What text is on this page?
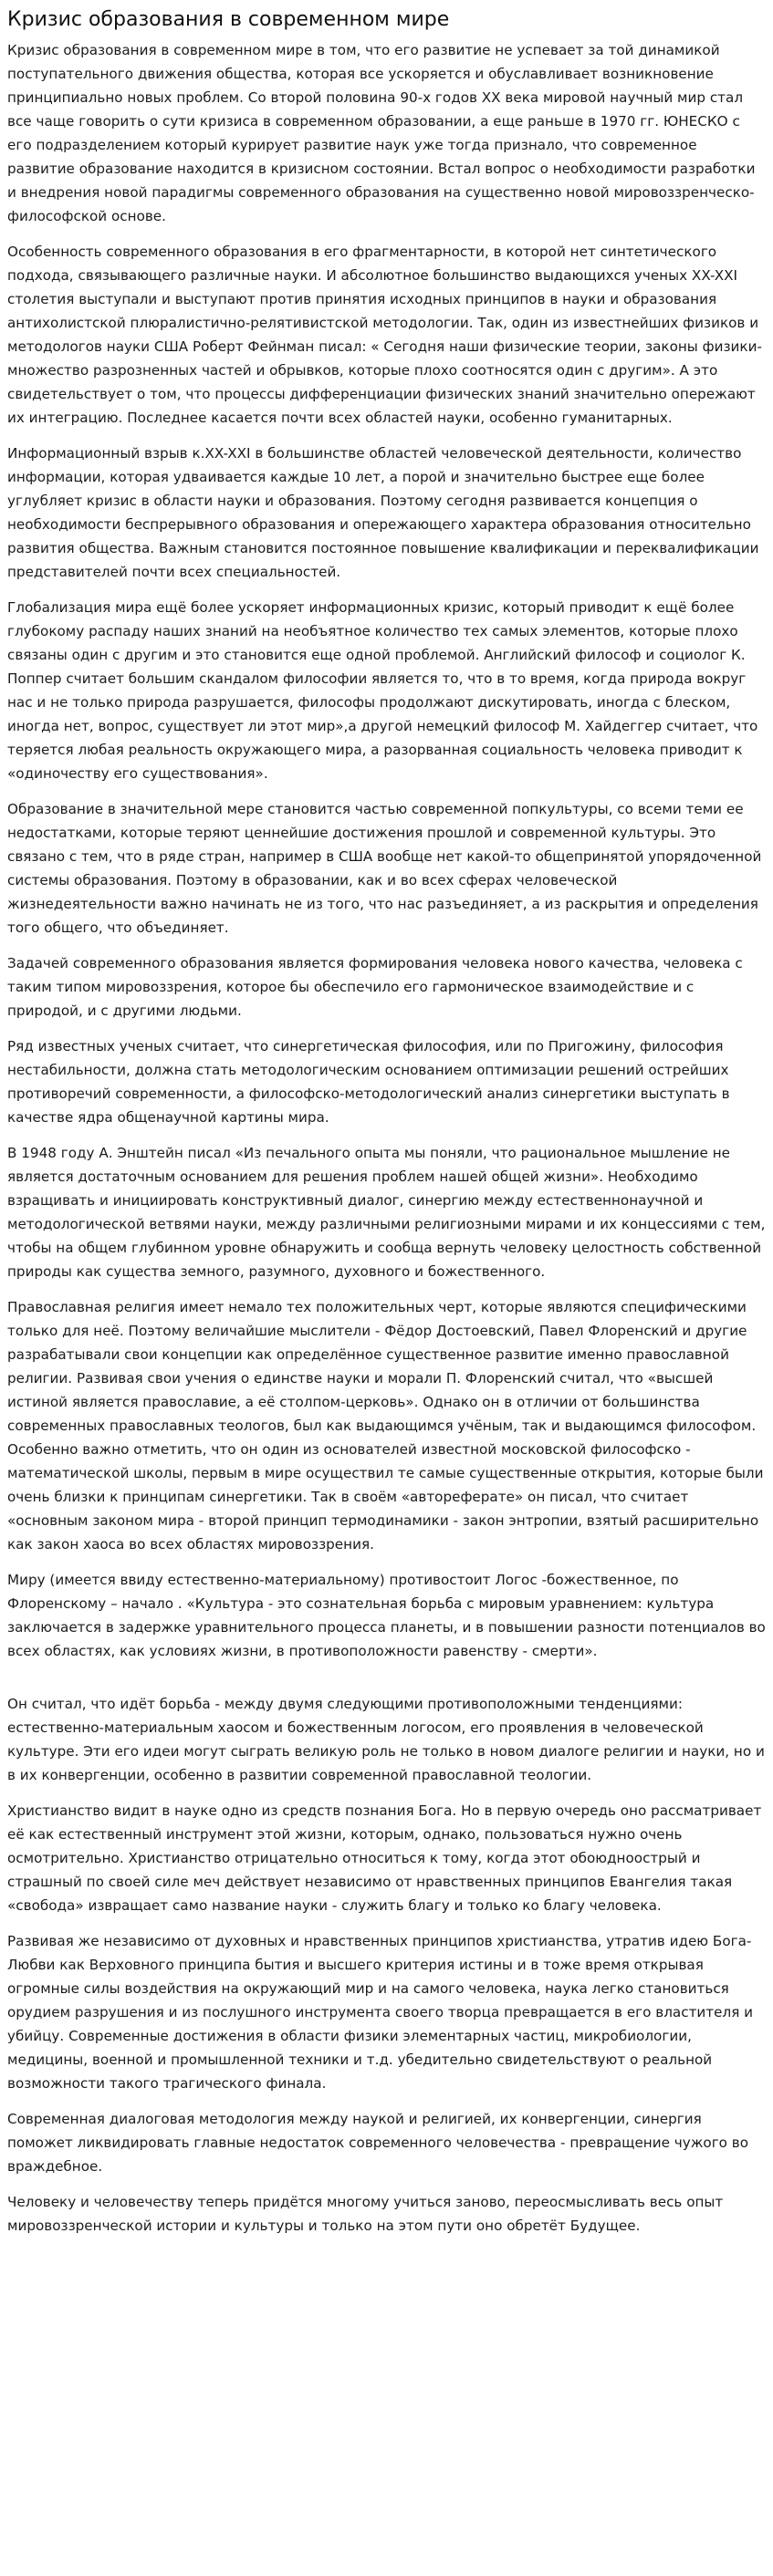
Кризис образования в современном мире

Кризис образования в современном мире в том, что его развитие не успевает за той динамикой поступательного движения общества, которая все ускоряется и обуславливает возникновение принципиально новых проблем. Со второй половина 90-х годов XX века мировой научный мир стал все чаще говорить о сути кризиса в современном образовании, а еще раньше в 1970 гг. ЮНЕСКО с его подразделением который курирует развитие наук уже тогда признало, что современное развитие образование находится в кризисном состоянии. Встал вопрос о необходимости разработки и внедрения новой парадигмы современного образования на существенно новой мировоззренческо-философской основе.

Особенность современного образования в его фрагментарности, в которой нет синтетического подхода, связывающего различные науки. И абсолютное большинство выдающихся ученых XX-XXI столетия выступали и выступают против принятия исходных принципов в науки и образования антихолистской плюралистично-релятивистской методологии. Так, один из известнейших физиков и методологов науки США Роберт Фейнман писал: « Сегодня наши физические теории, законы физики-множество разрозненных частей и обрывков, которые плохо соотносятся один с другим». А это свидетельствует о том, что процессы дифференциации физических знаний значительно опережают их интеграцию. Последнее касается почти всех областей науки, особенно гуманитарных.

Информационный взрыв к.XX-XXI в большинстве областей человеческой деятельности, количество информации, которая удваивается каждые 10 лет, а порой и значительно быстрее еще более углубляет кризис в области науки и образования. Поэтому сегодня развивается концепция о необходимости беспрерывного образования и опережающего характера образования относительно развития общества. Важным становится постоянное повышение квалификации и переквалификации представителей почти всех специальностей.

Глобализация мира ещё более ускоряет информационных кризис, который приводит к ещё более глубокому распаду наших знаний на необъятное количество тех самых элементов, которые плохо связаны один с другим и это становится еще одной проблемой. Английский философ и социолог К. Поппер считает большим скандалом философии является то, что в то время, когда природа вокруг нас и не только природа разрушается, философы продолжают дискутировать, иногда с блеском, иногда нет, вопрос, существует ли этот мир»,а другой немецкий философ М. Хайдеггер считает, что теряется любая реальность окружающего мира, а разорванная социальность человека приводит к «одиночеству его существования».

Образование в значительной мере становится частью современной попкультуры, со всеми теми ее недостатками, которые теряют ценнейшие достижения прошлой и современной культуры. Это связано с тем, что в ряде стран, например в США вообще нет какой-то общепринятой упорядоченной системы образования. Поэтому в образовании, как и во всех сферах человеческой жизнедеятельности важно начинать не из того, что нас разъединяет, а из раскрытия и определения того общего, что объединяет.

Задачей современного образования является формирования человека нового качества, человека с таким типом мировоззрения, которое бы обеспечило его гармоническое взаимодействие и с природой, и с другими людьми.

Ряд известных ученых считает, что синергетическая философия, или по Пригожину, философия нестабильности, должна стать методологическим основанием оптимизации решений острейших противоречий современности, а философско-методологический анализ синергетики выступать в качестве ядра общенаучной картины мира.

В 1948 году А. Энштейн писал «Из печального опыта мы поняли, что рациональное мышление не является достаточным основанием для решения проблем нашей общей жизни». Необходимо взращивать и инициировать конструктивный диалог, синергию между естественнонаучной и методологической ветвями науки, между различными религиозными мирами и их концессиями с тем, чтобы на общем глубинном уровне обнаружить и сообща вернуть человеку целостность собственной природы как существа земного, разумного, духовного и божественного.

Православная религия имеет немало тех положительных черт, которые являются специфическими только для неё. Поэтому величайшие мыслители - Фёдор Достоевский, Павел Флоренский и другие разрабатывали свои концепции как определённое существенное развитие именно православной религии. Развивая свои учения о единстве науки и морали П. Флоренский считал, что «высшей истиной является православие, а её столпом-церковь». Однако он в отличии от большинства современных православных теологов, был как выдающимся учёным, так и выдающимся философом. Особенно важно отметить, что он один из основателей известной московской философско - математической школы, первым в мире осуществил те самые существенные открытия, которые были очень близки к принципам синергетики. Так в своём «автореферате» он писал, что считает «основным законом мира - второй принцип термодинамики - закон энтропии, взятый расширительно как закон хаоса во всех областях мировоззрения.

Миру (имеется ввиду естественно-материальному) противостоит Логос -божественное, по Флоренскому – начало . «Культура - это сознательная борьба с мировым уравнением: культура заключается в задержке уравнительного процесса планеты, и в повышении разности потенциалов во всех областях, как условиях жизни, в противоположности равенству - смерти».

Он считал, что идёт борьба - между двумя следующими противоположными тенденциями: естественно-материальным хаосом и божественным логосом, его проявления в человеческой культуре. Эти его идеи могут сыграть великую роль не только в новом диалоге религии и науки, но и в их конвергенции, особенно в развитии современной православной теологии.

Христианство видит в науке одно из средств познания Бога. Но в первую очередь оно рассматривает её как естественный инструмент этой жизни, которым, однако, пользоваться нужно очень осмотрительно. Христианство отрицательно относиться к тому, когда этот обоюдноострый и страшный по своей силе меч действует независимо от нравственных принципов Евангелия такая «свобода» извращает само название науки - служить благу и только ко благу человека.

Развивая же независимо от духовных и нравственных принципов христианства, утратив идею Бога-Любви как Верховного принципа бытия и высшего критерия истины и в тоже время открывая огромные силы воздействия на окружающий мир и на самого человека, наука легко становиться орудием разрушения и из послушного инструмента своего творца превращается в его властителя и убийцу. Современные достижения в области физики элементарных частиц, микробиологии, медицины, военной и промышленной техники и т.д. убедительно свидетельствуют о реальной возможности такого трагического финала.

Современная диалоговая методология между наукой и религией, их конвергенции, синергия поможет ликвидировать главные недостаток современного человечества - превращение чужого во враждебное.

Человеку и человечеству теперь придётся многому учиться заново, переосмысливать весь опыт мировоззренческой истории и культуры и только на этом пути оно обретёт Будущее.
